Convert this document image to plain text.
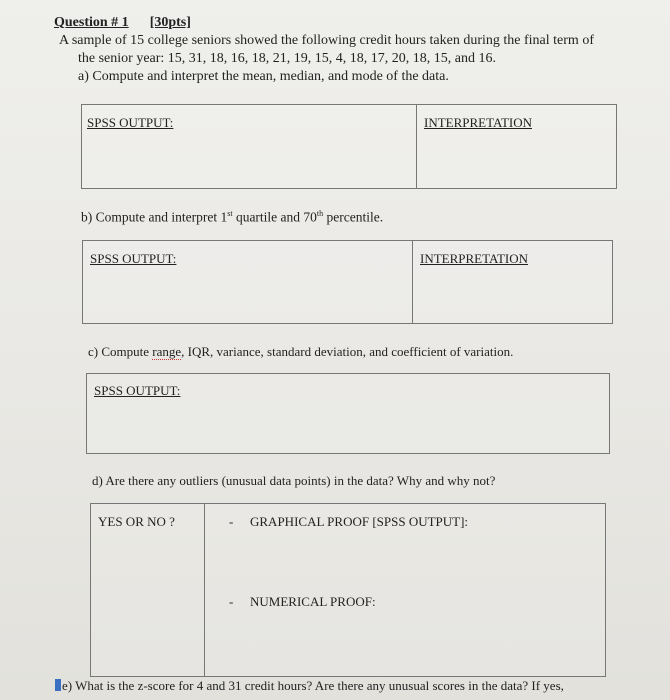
Question # 1 [30pts]
A sample of 15 college seniors showed the following credit hours taken during the final term of
the senior year: 15, 31, 18, 16, 18, 21, 19, 15, 4, 18, 17, 20, 18, 15, and 16.
a) Compute and interpret the mean, median, and mode of the data.
SPSS OUTPUT:	INTERPRETATION
b) Compute and interpret 1st quartile and 70th percentile.
SPSS OUTPUT:	INTERPRETATION
c) Compute range, IQR, variance, standard deviation, and coefficient of variation.
SPSS OUTPUT:
d) Are there any outliers (unusual data points) in the data? Why and why not?
YES OR NO ?	- GRAPHICAL PROOF [SPSS OUTPUT]:
- NUMERICAL PROOF:
e) What is the z-score for 4 and 31 credit hours? Are there any unusual scores in the data? If yes,
